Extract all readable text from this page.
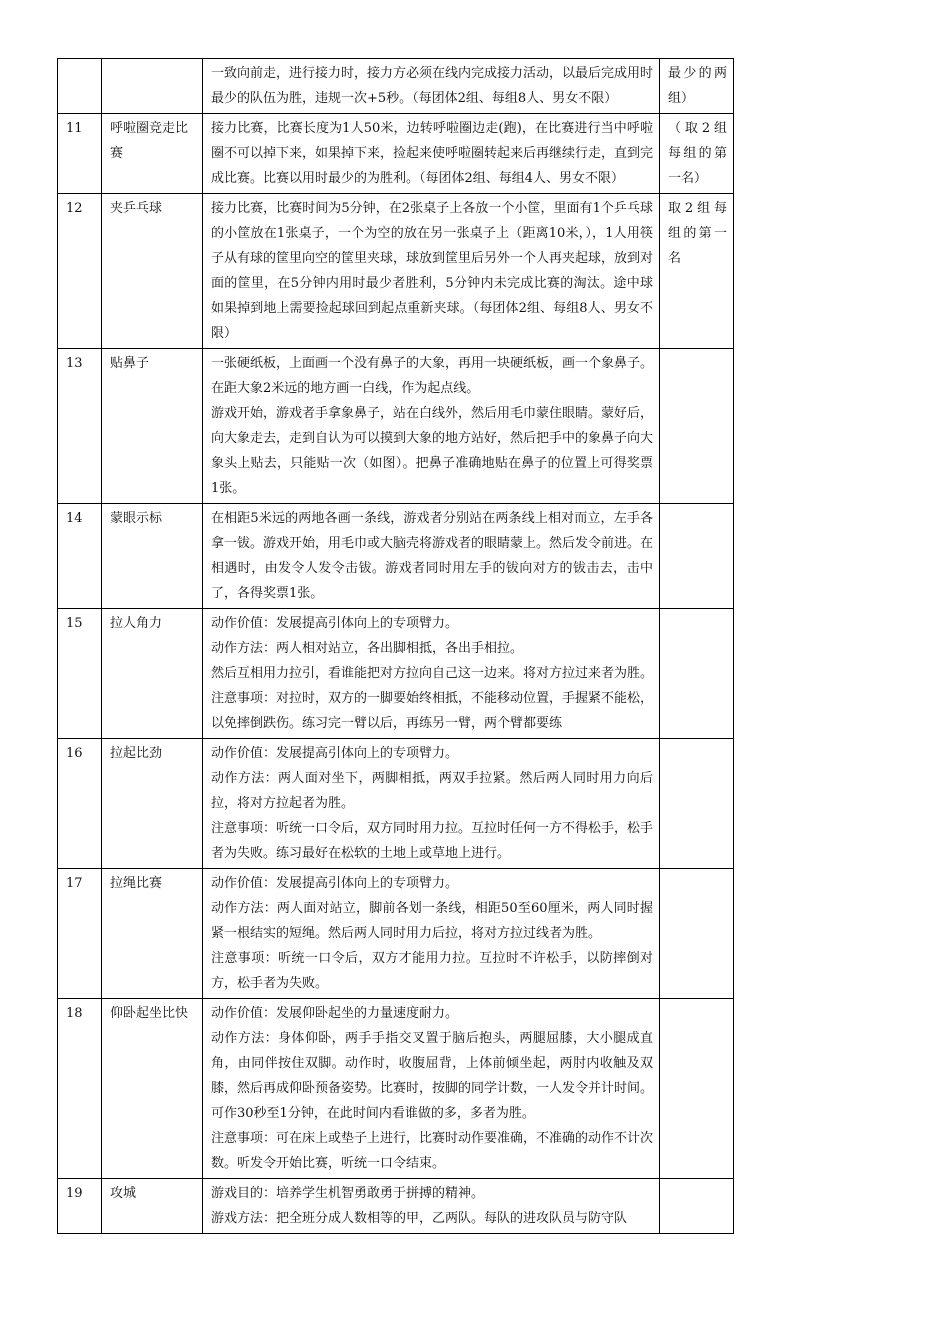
		一致向前走，进行接力时，接力方必须在线内完成接力活动，以最后完成用时最少的队伍为胜，违规一次+5秒。（每团体2组、每组8人、男女不限）	最少的两组）
11	呼啦圈竞走比赛	接力比赛，比赛长度为1人50米，边转呼啦圈边走(跑)，在比赛进行当中呼啦圈不可以掉下来，如果掉下来，捡起来使呼啦圈转起来后再继续行走，直到完成比赛。比赛以用时最少的为胜利。（每团体2组、每组4人、男女不限）	（取2组每组的第一名）
12	夹乒乓球	接力比赛，比赛时间为5分钟，在2张桌子上各放一个小筐，里面有1个乒乓球的小筐放在1张桌子，一个为空的放在另一张桌子上（距离10米，），1人用筷子从有球的筐里向空的筐里夹球，球放到筐里后另外一个人再夹起球，放到对面的筐里，在5分钟内用时最少者胜利，5分钟内未完成比赛的淘汰。途中球如果掉到地上需要捡起球回到起点重新夹球。（每团体2组、每组8人、男女不限）	取2组每组的第一名
13	贴鼻子	一张硬纸板，上面画一个没有鼻子的大象，再用一块硬纸板，画一个象鼻子。在距大象2米远的地方画一白线，作为起点线。
游戏开始，游戏者手拿象鼻子，站在白线外，然后用毛巾蒙住眼睛。蒙好后，向大象走去，走到自认为可以摸到大象的地方站好，然后把手中的象鼻子向大象头上贴去，只能贴一次（如图）。把鼻子准确地贴在鼻子的位置上可得奖票1张。	

14	蒙眼示标	在相距5米远的两地各画一条线，游戏者分别站在两条线上相对而立，左手各拿一钹。游戏开始，用毛巾或大脑壳将游戏者的眼睛蒙上。然后发令前进。在相遇时，由发令人发令击钹。游戏者同时用左手的钹向对方的钹击去，击中了，各得奖票1张。	

15	拉人角力	动作价值：发展提高引体向上的专项臂力。
动作方法：两人相对站立，各出脚相抵，各出手相拉。
然后互相用力拉引，看谁能把对方拉向自己这一边来。将对方拉过来者为胜。
注意事项：对拉时，双方的一脚要始终相抵，不能移动位置，手握紧不能松，以免摔倒跌伤。练习完一臂以后，再练另一臂，两个臂都要练	

16	拉起比劲	动作价值：发展提高引体向上的专项臂力。
动作方法：两人面对坐下，两脚相抵，两双手拉紧。然后两人同时用力向后拉，将对方拉起者为胜。
注意事项：听统一口令后，双方同时用力拉。互拉时任何一方不得松手，松手者为失败。练习最好在松软的土地上或草地上进行。	

17	拉绳比赛	动作价值：发展提高引体向上的专项臂力。
动作方法：两人面对站立，脚前各划一条线，相距50至60厘米，两人同时握紧一根结实的短绳。然后两人同时用力后拉，将对方拉过线者为胜。
注意事项：听统一口令后，双方才能用力拉。互拉时不许松手，以防摔倒对方，松手者为失败。	

18	仰卧起坐比快	动作价值：发展仰卧起坐的力量速度耐力。
动作方法：身体仰卧，两手手指交叉置于脑后抱头，两腿屈膝，大小腿成直角，由同伴按住双脚。动作时，收腹屈背，上体前倾坐起，两肘内收触及双膝，然后再成仰卧预备姿势。比赛时，按脚的同学计数，一人发令并计时间。可作30秒至1分钟，在此时间内看谁做的多，多者为胜。
注意事项：可在床上或垫子上进行，比赛时动作要准确，不准确的动作不计次数。听发令开始比赛，听统一口令结束。	

19	攻城	游戏目的：培养学生机智勇敢勇于拼搏的精神。
游戏方法：把全班分成人数相等的甲，乙两队。每队的进攻队员与防守队	
